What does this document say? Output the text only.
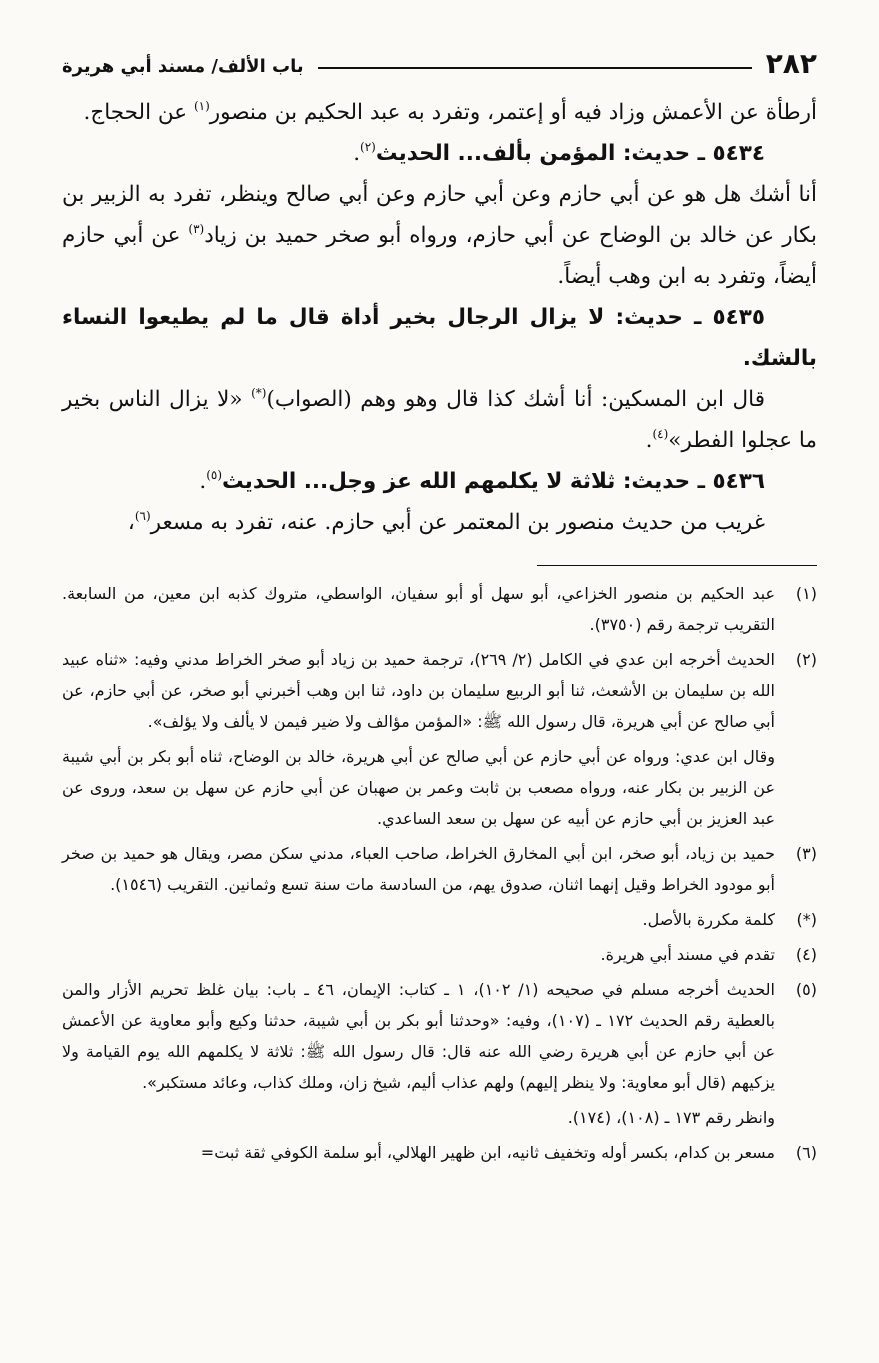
٢٨٢
باب الألف/ مسند أبي هريرة

أرطأة عن الأعمش وزاد فيه أو إعتمر، وتفرد به عبد الحكيم بن منصور$^{(١)}$ عن الحجاج.

٥٤٣٤ ـ حديث: المؤمن بألف... الحديث$^{(٢)}$.

أنا أشك هل هو عن أبي حازم وعن أبي حازم وعن أبي صالح وينظر، تفرد به الزبير بن بكار عن خالد بن الوضاح عن أبي حازم، ورواه أبو صخر حميد بن زياد$^{(٣)}$ عن أبي حازم أيضاً، وتفرد به ابن وهب أيضاً.

٥٤٣٥ ـ حديث: لا يزال الرجال بخير أداة قال ما لم يطيعوا النساء بالشك.

قال ابن المسكين: أنا أشك كذا قال وهو وهم (الصواب)(*) «لا يزال الناس بخير ما عجلوا الفطر»$^{(٤)}$.

٥٤٣٦ ـ حديث: ثلاثة لا يكلمهم الله عز وجل... الحديث$^{(٥)}$.

غريب من حديث منصور بن المعتمر عن أبي حازم. عنه، تفرد به مسعر$^{(٦)}$،

(١)
عبد الحكيم بن منصور الخزاعي، أبو سهل أو أبو سفيان، الواسطي، متروك كذبه ابن معين، من السابعة. التقريب ترجمة رقم (٣٧٥٠).
(٢)
الحديث أخرجه ابن عدي في الكامل (٢/ ٢٦٩)، ترجمة حميد بن زياد أبو صخر الخراط مدني وفيه: «ثناه عبيد الله بن سليمان بن الأشعث، ثنا أبو الربيع سليمان بن داود، ثنا ابن وهب أخبرني أبو صخر، عن أبي حازم، عن أبي صالح عن أبي هريرة، قال رسول الله ﷺ: «المؤمن مؤالف ولا ضير فيمن لا يألف ولا يؤلف».
وقال ابن عدي: ورواه عن أبي حازم عن أبي صالح عن أبي هريرة، خالد بن الوضاح، ثناه أبو بكر بن أبي شيبة عن الزبير بن بكار عنه، ورواه مصعب بن ثابت وعمر بن صهبان عن أبي حازم عن سهل بن سعد، وروى عن عبد العزيز بن أبي حازم عن أبيه عن سهل بن سعد الساعدي.
(٣)
حميد بن زياد، أبو صخر، ابن أبي المخارق الخراط، صاحب العباء، مدني سكن مصر، ويقال هو حميد بن صخر أبو مودود الخراط وقيل إنهما اثنان، صدوق يهم، من السادسة مات سنة تسع وثمانين. التقريب (١٥٤٦).
(*)
كلمة مكررة بالأصل.
(٤)
تقدم في مسند أبي هريرة.
(٥)
الحديث أخرجه مسلم في صحيحه (١/ ١٠٢)، ١ ـ كتاب: الإيمان، ٤٦ ـ باب: بيان غلظ تحريم الأزار والمن بالعطية رقم الحديث ١٧٢ ـ (١٠٧)، وفيه: «وحدثنا أبو بكر بن أبي شيبة، حدثنا وكيع وأبو معاوية عن الأعمش عن أبي حازم عن أبي هريرة رضي الله عنه قال: قال رسول الله ﷺ: ثلاثة لا يكلمهم الله يوم القيامة ولا يزكيهم (قال أبو معاوية: ولا ينظر إليهم) ولهم عذاب أليم، شيخ زان، وملك كذاب، وعائد مستكبر».
وانظر رقم ١٧٣ ـ (١٠٨)، (١٧٤).
(٦)
مسعر بن كدام، بكسر أوله وتخفيف ثانيه، ابن ظهير الهلالي، أبو سلمة الكوفي ثقة ثبت=
